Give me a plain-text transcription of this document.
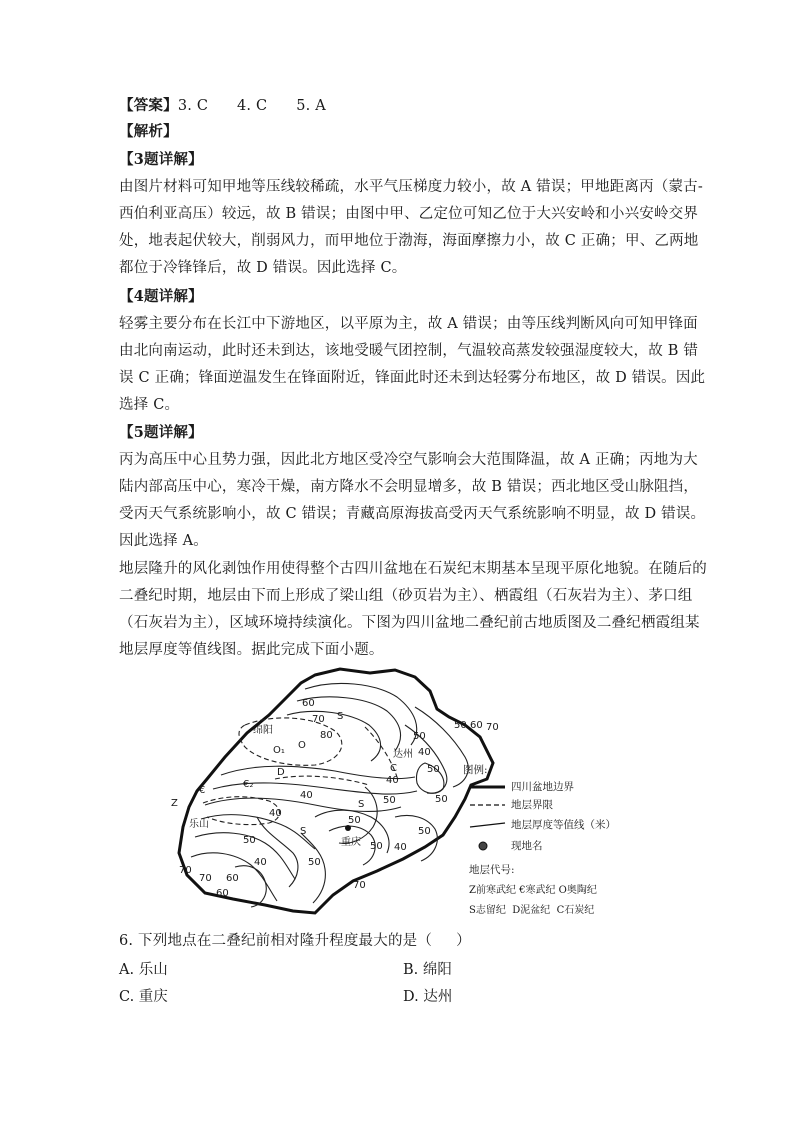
【答案】3. C      4. C      5. A
【解析】
【3题详解】
由图片材料可知甲地等压线较稀疏，水平气压梯度力较小，故 A 错误；甲地距离丙（蒙古-
西伯利亚高压）较远，故 B 错误；由图中甲、乙定位可知乙位于大兴安岭和小兴安岭交界
处，地表起伏较大，削弱风力，而甲地位于渤海，海面摩擦力小，故 C 正确；甲、乙两地
都位于冷锋锋后，故 D 错误。因此选择 C。
【4题详解】
轻雾主要分布在长江中下游地区，以平原为主，故 A 错误；由等压线判断风向可知甲锋面
由北向南运动，此时还未到达，该地受暖气团控制，气温较高蒸发较强湿度较大，故 B 错
误 C 正确；锋面逆温发生在锋面附近，锋面此时还未到达轻雾分布地区，故 D 错误。因此
选择 C。
【5题详解】
丙为高压中心且势力强，因此北方地区受冷空气影响会大范围降温，故 A 正确；丙地为大
陆内部高压中心，寒冷干燥，南方降水不会明显增多，故 B 错误；西北地区受山脉阻挡，
受丙天气系统影响小，故 C 错误；青藏高原海拔高受丙天气系统影响不明显，故 D 错误。
因此选择 A。
地层隆升的风化剥蚀作用使得整个古四川盆地在石炭纪末期基本呈现平原化地貌。在随后的
二叠纪时期，地层由下而上形成了梁山组（砂页岩为主）、栖霞组（石灰岩为主）、茅口组
（石灰岩为主），区域环境持续演化。下图为四川盆地二叠纪前古地质图及二叠纪栖霞组某
地层厚度等值线图。据此完成下面小题。
绵阳
达州
乐山
重庆
60
70 S
80
50 60 70
50
40
50
40
50
40
40
50
40	50
50
60
70
70
50
40
50
60
70
50
S
S
C
O₁ O
Z
€
€₂
D	图例:
四川盆地边界
地层界限
地层厚度等值线（米）
现地名
地层代号:
Z前寒武纪 €寒武纪 O奥陶纪
S志留纪  D泥盆纪  C石炭纪
6. 下列地点在二叠纪前相对隆升程度最大的是（     ）
A. 乐山	B. 绵阳
C. 重庆	D. 达州
